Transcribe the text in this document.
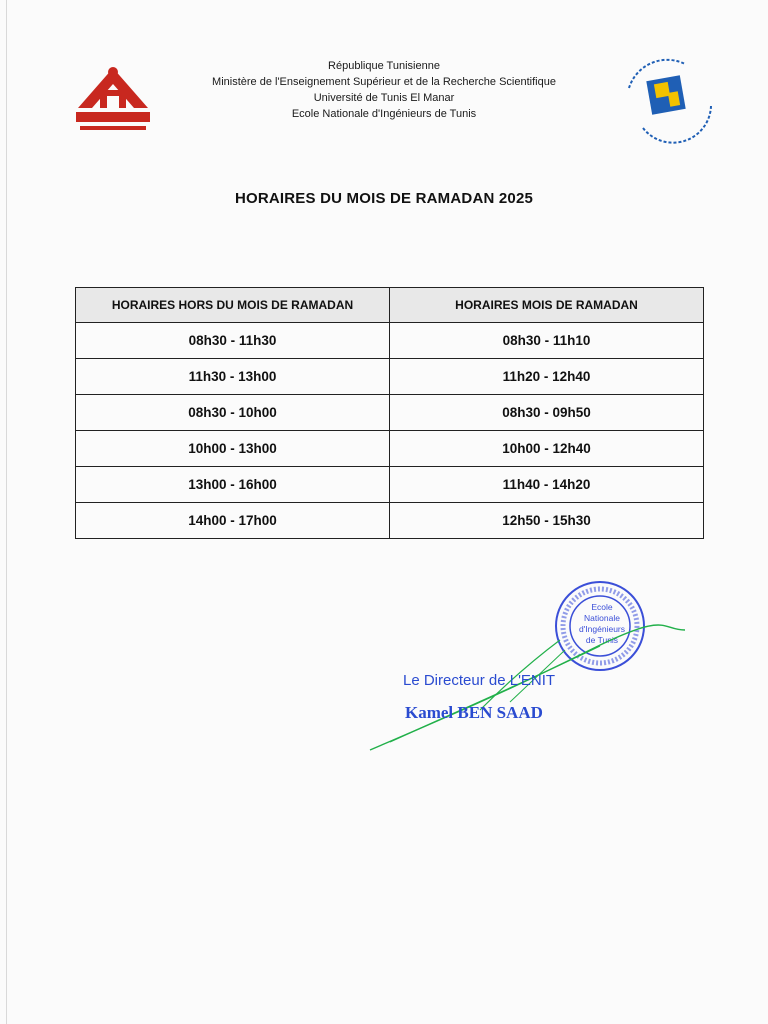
République Tunisienne
Ministère de l'Enseignement Supérieur et de la Recherche Scientifique
Université de Tunis El Manar
Ecole Nationale d'Ingénieurs de Tunis
HORAIRES DU MOIS DE RAMADAN 2025
HORAIRES HORS DU MOIS DE RAMADAN	HORAIRES MOIS DE RAMADAN
08h30 - 11h30	08h30 - 11h10
11h30 - 13h00	11h20 - 12h40
08h30 - 10h00	08h30 - 09h50
10h00 - 13h00	10h00 - 12h40
13h00 - 16h00	11h40 - 14h20
14h00 - 17h00	12h50 - 15h30
Ecole
Nationale
d'Ingénieurs
de Tunis
Le Directeur de L'ENIT
Kamel BEN SAAD
